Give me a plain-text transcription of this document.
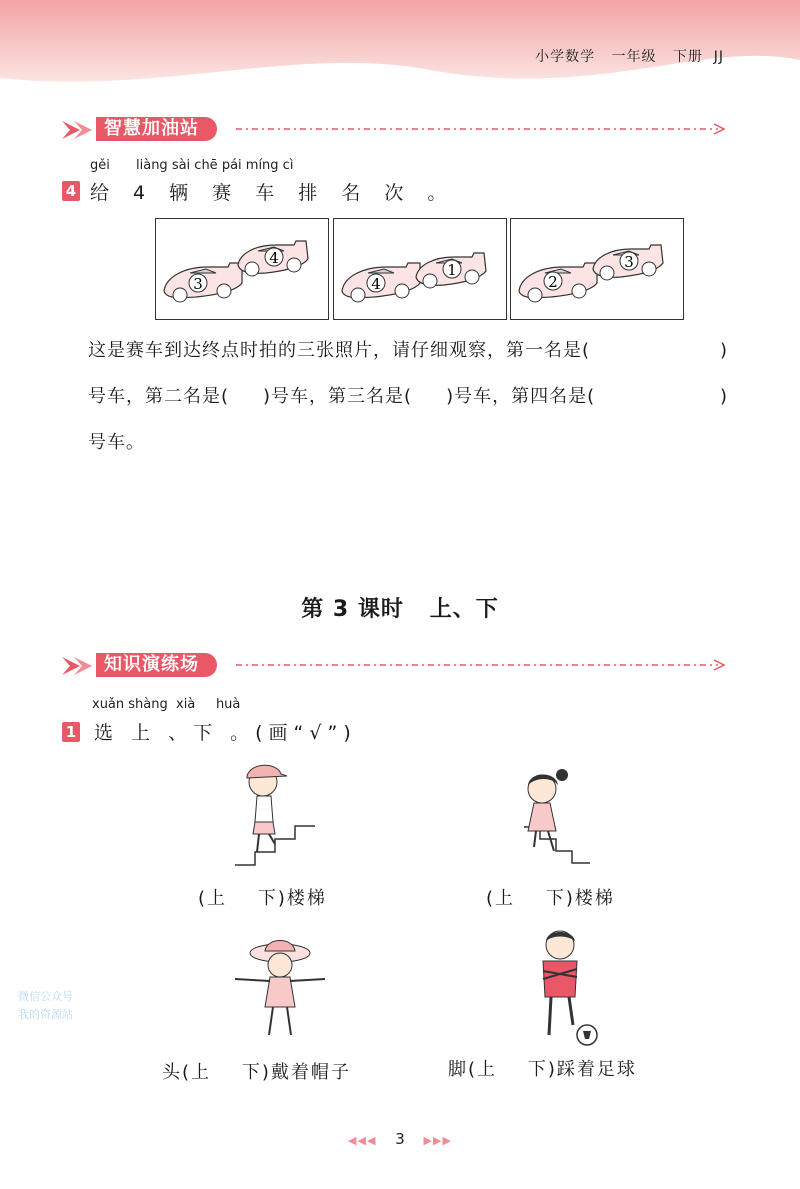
小学数学 一年级 下册 JJ
智慧加油站
gěi liàng sài chē pái míng cì
4 给 4 辆 赛 车 排 名 次 。
3
4
4
1
2
3
这是赛车到达终点时拍的三张照片，请仔细观察，第一名是(	)
号车，第二名是( )号车，第三名是( )号车，第四名是(	)
号车。
第 3 课时   上、下
知识演练场
xuǎn shàng  xià     huà
1 选 上 、下 。(画“√”)
(上    下)楼梯	(上    下)楼梯
头(上    下)戴着帽子	脚(上    下)踩着足球
微信公众号
我的资源站
◀◀◀ 3 ▶▶▶
